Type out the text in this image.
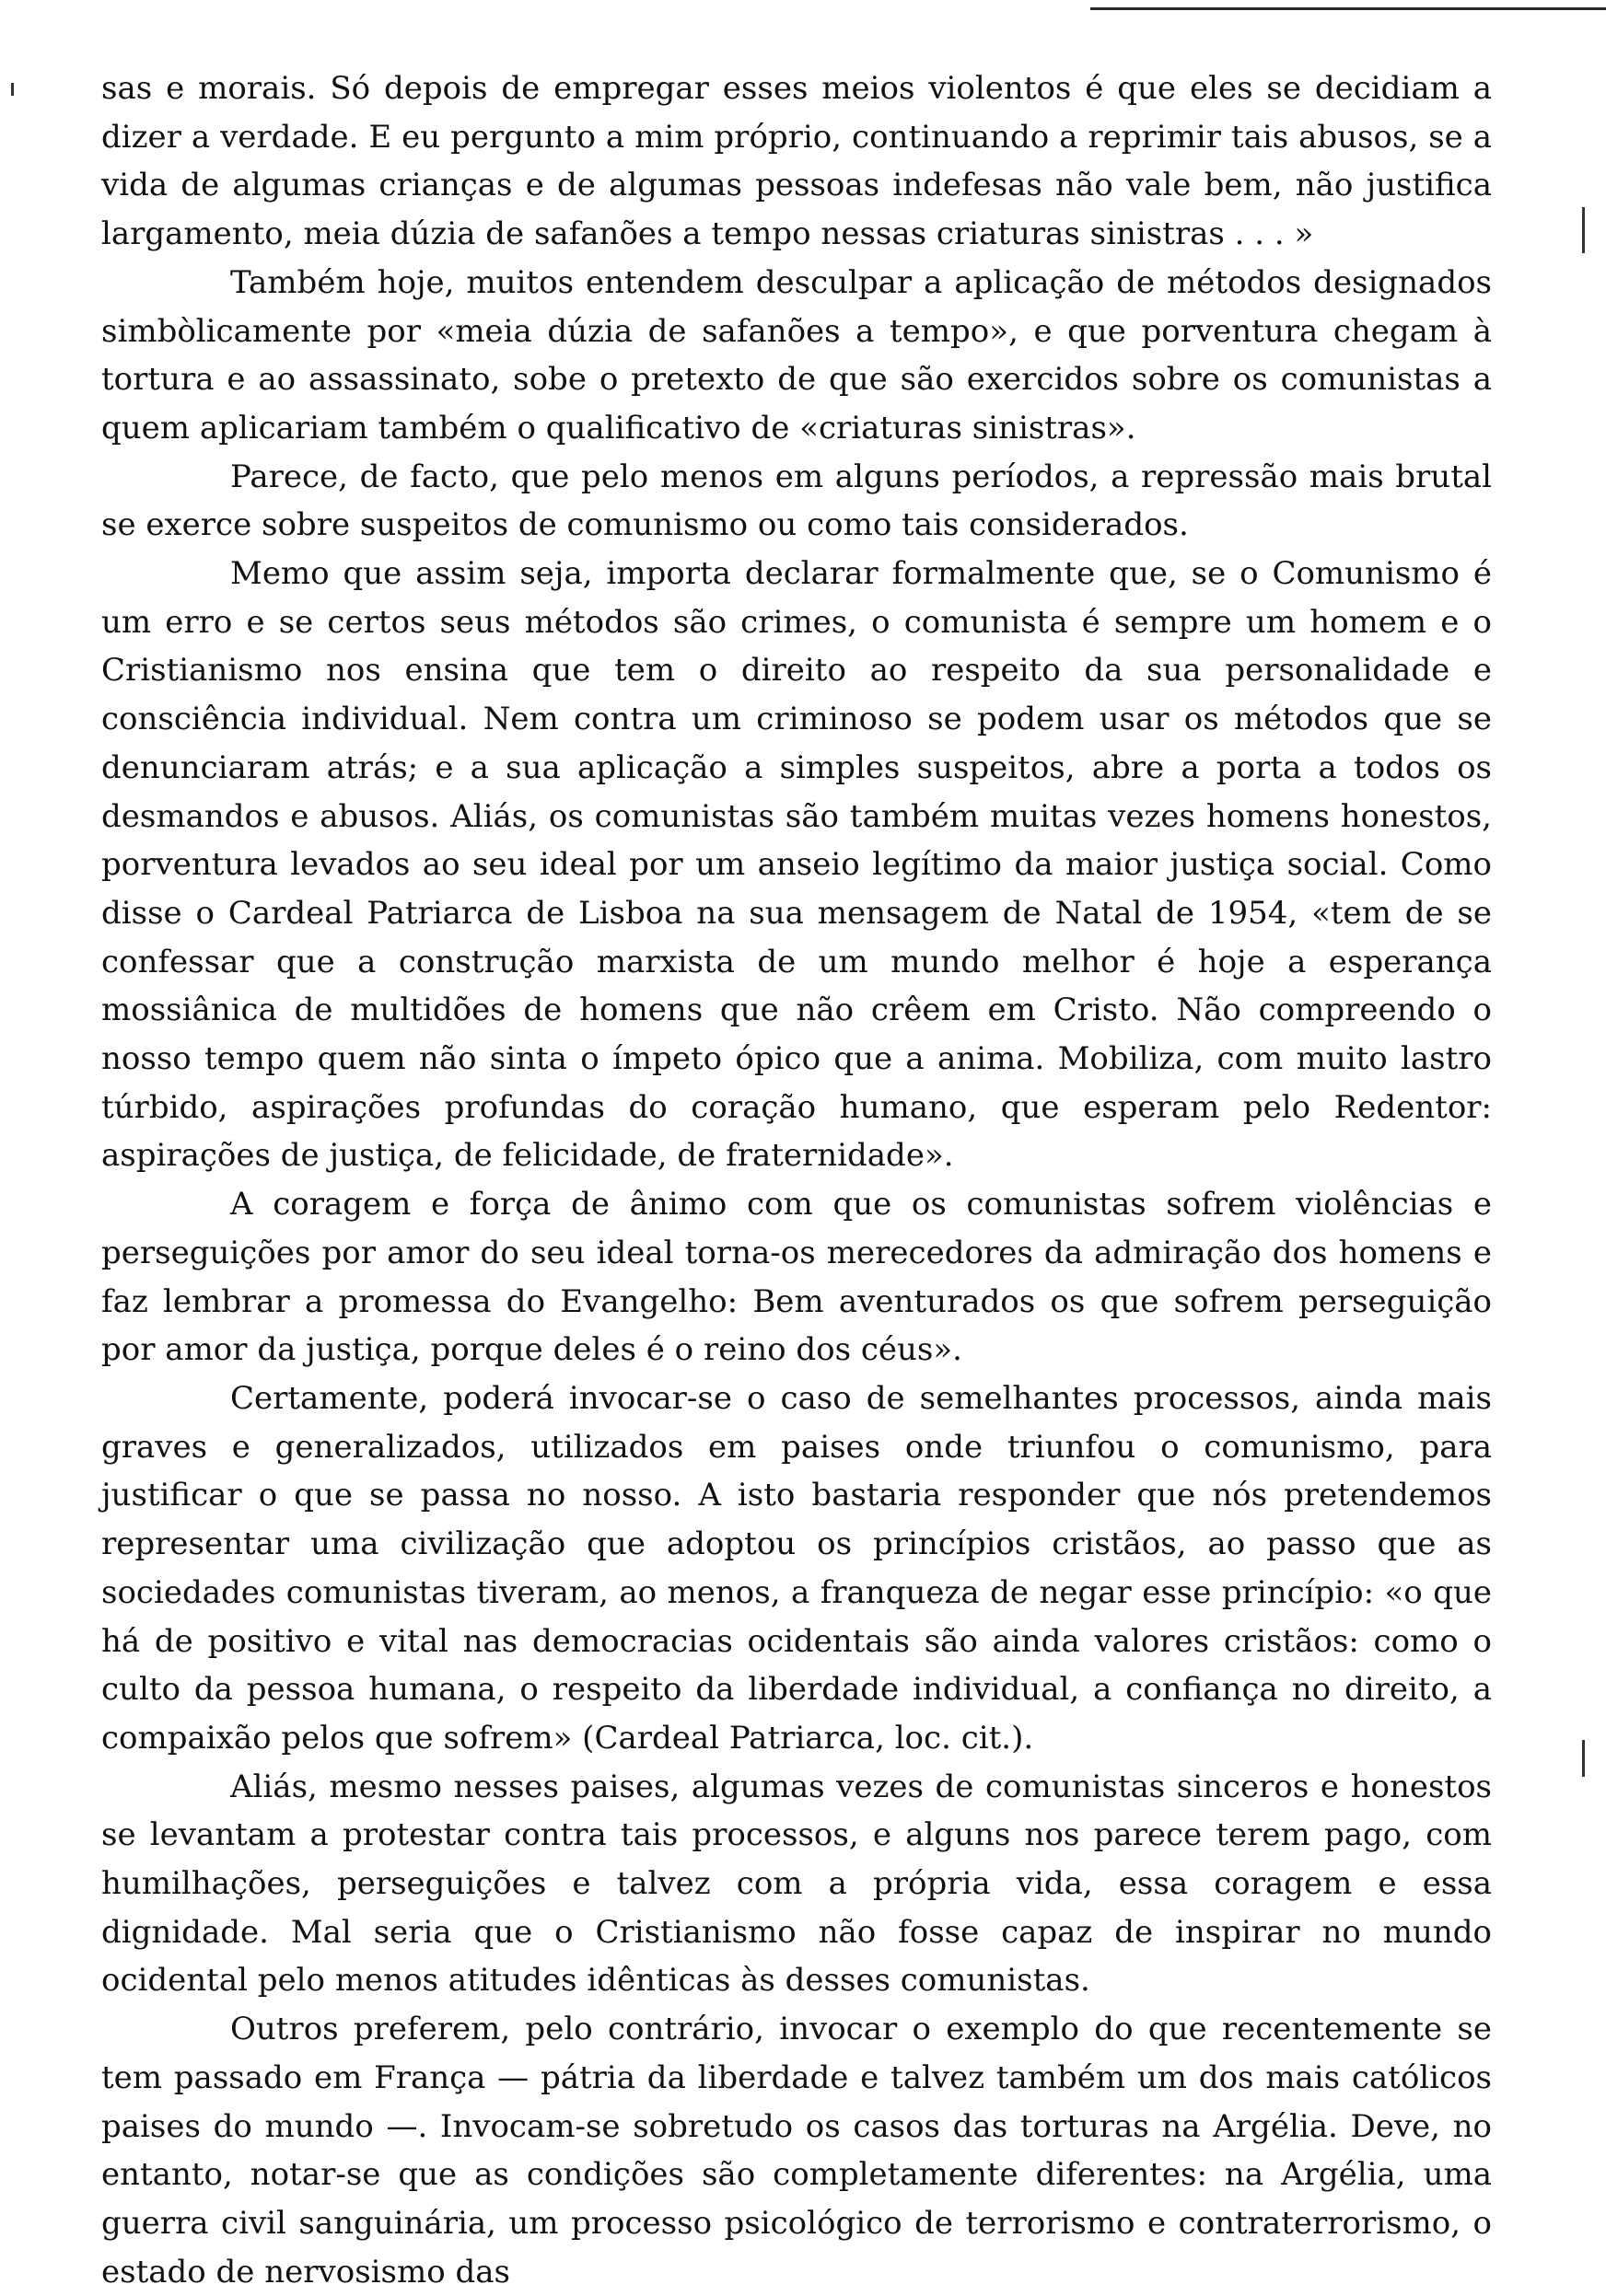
sas e morais. Só depois de empregar esses meios violentos é que eles se decidiam a dizer a verdade. E eu pergunto a mim próprio, continuando a reprimir tais abusos, se a vida de algumas crianças e de algumas pessoas indefesas não vale bem, não justifica largamento, meia dúzia de safanões a tempo nessas criaturas sinistras . . . »

Também hoje, muitos entendem desculpar a aplicação de métodos designados simbòlicamente por «meia dúzia de safanões a tempo», e que porventura chegam à tortura e ao assassinato, sobe o pretexto de que são exercidos sobre os comunistas a quem aplicariam também o qualificativo de «criaturas sinistras».

Parece, de facto, que pelo menos em alguns períodos, a repressão mais brutal se exerce sobre suspeitos de comunismo ou como tais considerados.

Memo que assim seja, importa declarar formalmente que, se o Comunismo é um erro e se certos seus métodos são crimes, o comunista é sempre um homem e o Cristianismo nos ensina que tem o direito ao respeito da sua personalidade e consciência individual. Nem contra um criminoso se podem usar os métodos que se denunciaram atrás; e a sua aplicação a simples suspeitos, abre a porta a todos os desmandos e abusos. Aliás, os comunistas são também muitas vezes homens honestos, porventura levados ao seu ideal por um anseio legítimo da maior justiça social. Como disse o Cardeal Patriarca de Lisboa na sua mensagem de Natal de 1954, «tem de se confessar que a construção marxista de um mundo melhor é hoje a esperança mossiânica de multidões de homens que não crêem em Cristo. Não compreendo o nosso tempo quem não sinta o ímpeto ópico que a anima. Mobiliza, com muito lastro túrbido, aspirações profundas do coração humano, que esperam pelo Redentor: aspirações de justiça, de felicidade, de fraternidade».

A coragem e força de ânimo com que os comunistas sofrem violências e perseguições por amor do seu ideal torna-os merecedores da admiração dos homens e faz lembrar a promessa do Evangelho: Bem aventurados os que sofrem perseguição por amor da justiça, porque deles é o reino dos céus».

Certamente, poderá invocar-se o caso de semelhantes processos, ainda mais graves e generalizados, utilizados em paises onde triunfou o comunismo, para justificar o que se passa no nosso. A isto bastaria responder que nós pretendemos representar uma civilização que adoptou os princípios cristãos, ao passo que as sociedades comunistas tiveram, ao menos, a franqueza de negar esse princípio: «o que há de positivo e vital nas democracias ocidentais são ainda valores cristãos: como o culto da pessoa humana, o respeito da liberdade individual, a confiança no direito, a compaixão pelos que sofrem» (Cardeal Patriarca, loc. cit.).

Aliás, mesmo nesses paises, algumas vezes de comunistas sinceros e honestos se levantam a protestar contra tais processos, e alguns nos parece terem pago, com humilhações, perseguições e talvez com a própria vida, essa coragem e essa dignidade. Mal seria que o Cristianismo não fosse capaz de inspirar no mundo ocidental pelo menos atitudes idênticas às desses comunistas.

Outros preferem, pelo contrário, invocar o exemplo do que recentemente se tem passado em França — pátria da liberdade e talvez também um dos mais católicos paises do mundo —. Invocam-se sobretudo os casos das torturas na Argélia. Deve, no entanto, notar-se que as condições são completamente diferentes: na Argélia, uma guerra civil sanguinária, um processo psicológico de terrorismo e contraterrorismo, o estado de nervosismo das
